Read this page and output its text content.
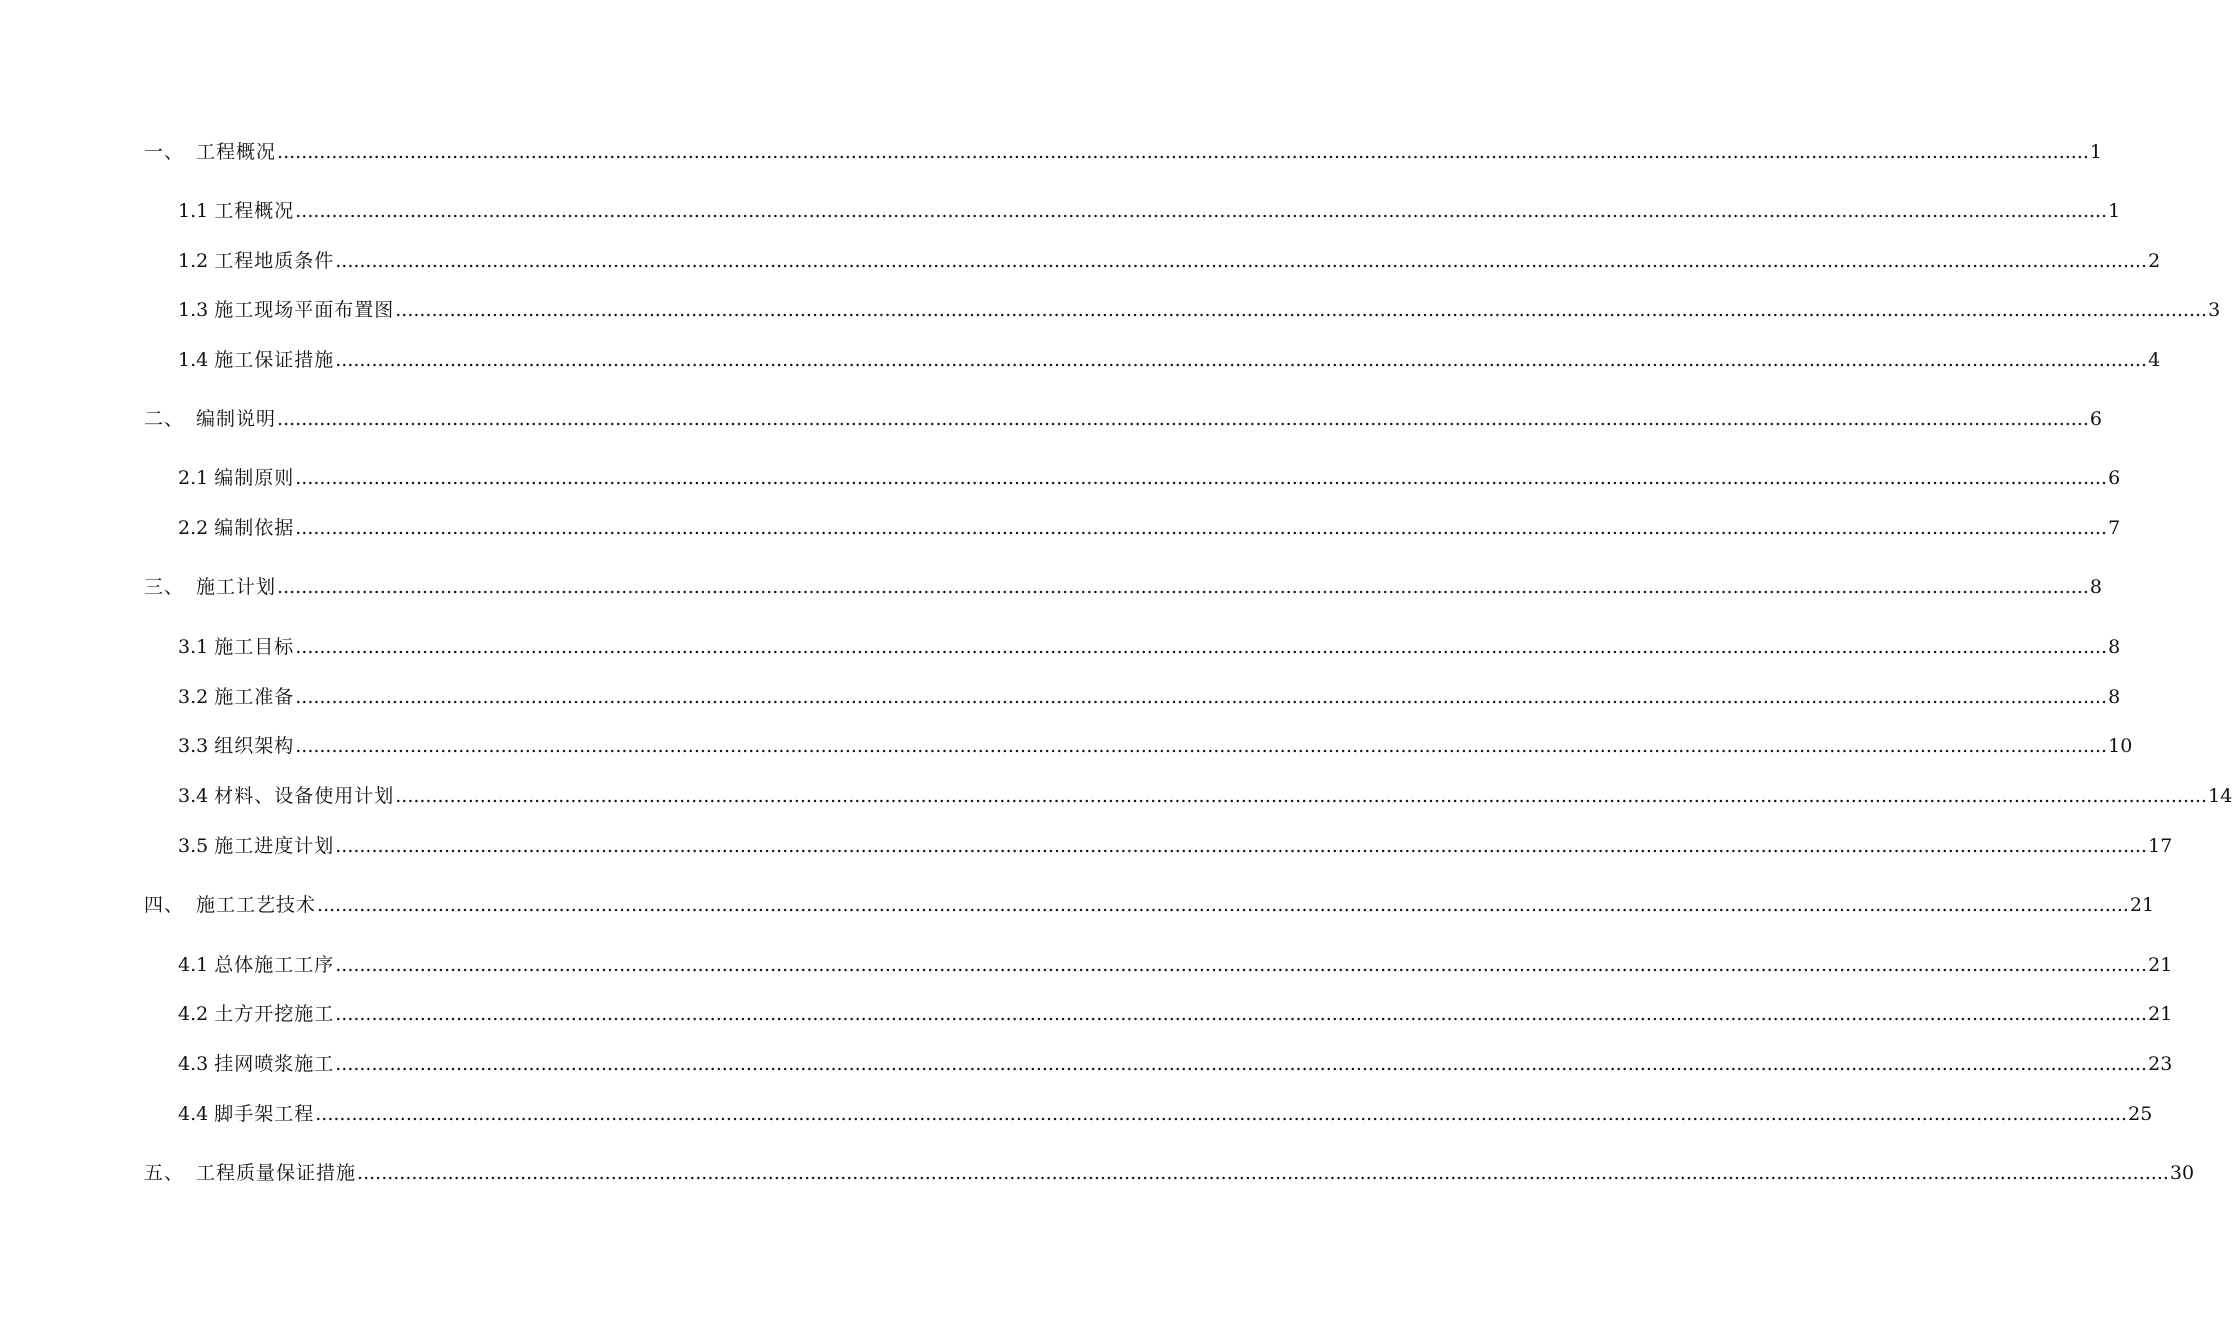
一、 工程概况 ............................................................................................................................................................................................................................................................................................................ 1
1.1 工程概况 ............................................................................................................................................................................................................................................................................................................ 1
1.2 工程地质条件 ............................................................................................................................................................................................................................................................................................................ 2
1.3 施工现场平面布置图 ............................................................................................................................................................................................................................................................................................................ 3
1.4 施工保证措施 ............................................................................................................................................................................................................................................................................................................ 4
二、 编制说明 ............................................................................................................................................................................................................................................................................................................ 6
2.1 编制原则 ............................................................................................................................................................................................................................................................................................................ 6
2.2 编制依据 ............................................................................................................................................................................................................................................................................................................ 7
三、 施工计划 ............................................................................................................................................................................................................................................................................................................ 8
3.1 施工目标 ............................................................................................................................................................................................................................................................................................................ 8
3.2 施工准备 ............................................................................................................................................................................................................................................................................................................ 8
3.3 组织架构 ............................................................................................................................................................................................................................................................................................................ 10
3.4 材料、设备使用计划 ............................................................................................................................................................................................................................................................................................................ 14
3.5 施工进度计划 ............................................................................................................................................................................................................................................................................................................ 17
四、 施工工艺技术 ............................................................................................................................................................................................................................................................................................................ 21
4.1 总体施工工序 ............................................................................................................................................................................................................................................................................................................ 21
4.2 土方开挖施工 ............................................................................................................................................................................................................................................................................................................ 21
4.3 挂网喷浆施工 ............................................................................................................................................................................................................................................................................................................ 23
4.4 脚手架工程 ............................................................................................................................................................................................................................................................................................................ 25
五、 工程质量保证措施 ............................................................................................................................................................................................................................................................................................................ 30
